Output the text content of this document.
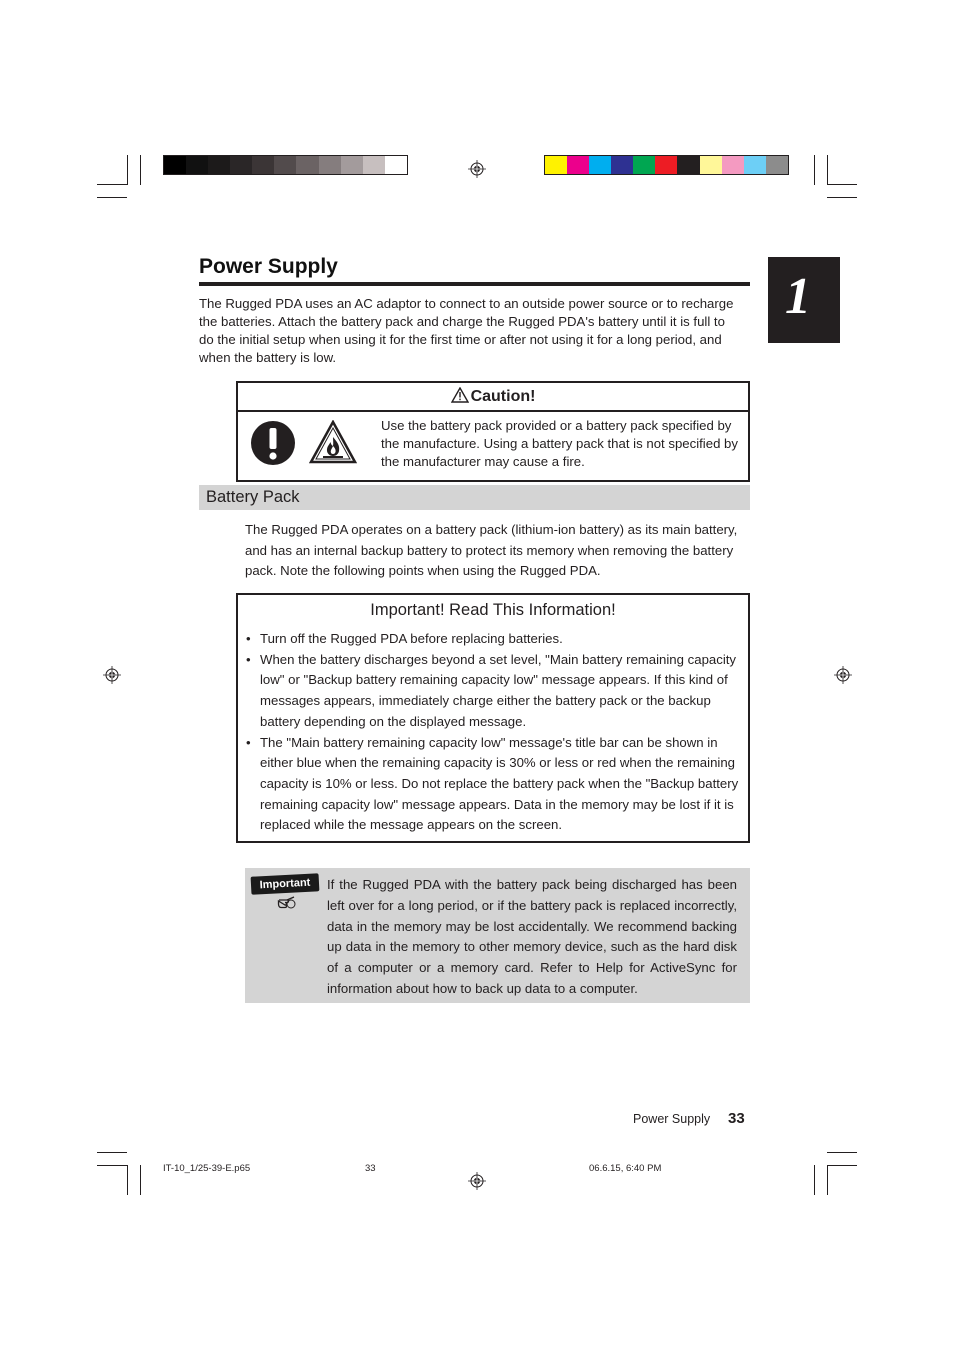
Power Supply
1
The Rugged PDA uses an AC adaptor to connect to an outside power source or to recharge the batteries. Attach the battery pack and charge the Rugged PDA's battery until it is full to do the initial setup when using it for the first time or after not using it for a long period, and when the battery is low.
Caution!
Use the battery pack provided or a battery pack specified by the manufacture. Using a battery pack that is not specified by the manufacturer may cause a fire.
Battery Pack
The Rugged PDA operates on a battery pack (lithium-ion battery) as its main battery, and has an internal backup battery to protect its memory when removing the battery pack. Note the following points when using the Rugged PDA.
Important! Read This Information!
• Turn off the Rugged PDA before replacing batteries.
• When the battery discharges beyond a set level, "Main battery remaining capacity low" or "Backup battery remaining capacity low" message appears. If this kind of messages appears, immediately charge either the battery pack or the backup battery depending on the displayed message.
• The "Main battery remaining capacity low" message's title bar can be shown in either blue when the remaining capacity is 30% or less or red when the remaining capacity is 10% or less. Do not replace the battery pack when the "Backup battery remaining capacity low" message appears. Data in the memory may be lost if it is replaced while the message appears on the screen.
Important	If the Rugged PDA with the battery pack being discharged has been left over for a long period, or if the battery pack is replaced incorrectly, data in the memory may be lost accidentally. We recommend backing up data in the memory to other memory device, such as the hard disk of a computer or a memory card. Refer to Help for ActiveSync for information about how to back up data to a computer.
Power Supply 33
IT-10_1/25-39-E.p65	33	06.6.15, 6:40 PM
